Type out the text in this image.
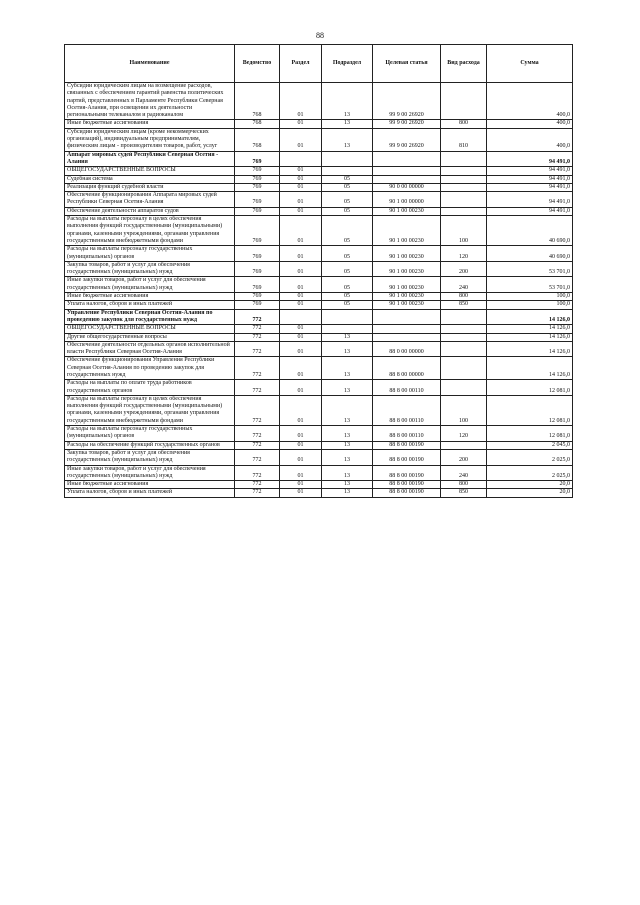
88
Наименование	Ведомство	Раздел	Подраздел	Целевая статья	Вид расхода	Сумма
Субсидии юридическим лицам на возмещение расходов, связанных с обеспечением гарантий равенства политических партий, представленных в Парламенте Республики Северная Осетия-Алания, при освещении их деятельности региональными телеканалом и радиоканалом	768	01	13	99 9 00 26920		400,0
Иные бюджетные ассигнования	768	01	13	99 9 00 26920	800	400,0
Субсидии юридическим лицам (кроме некоммерческих организаций), индивидуальным предпринимателям, физическим лицам - производителям товаров, работ, услуг	768	01	13	99 9 00 26920	810	400,0
Аппарат мировых судей Республики Северная Осетия - Алания	769					94 491,0
ОБЩЕГОСУДАРСТВЕННЫЕ ВОПРОСЫ	769	01				94 491,0
Судебная система	769	01	05			94 491,0
Реализация функций судебной власти	769	01	05	90 0 00 00000		94 491,0
Обеспечение функционирования Аппарата мировых судей Республики Северная Осетия-Алания	769	01	05	90 1 00 00000		94 491,0
Обеспечение деятельности аппаратов судов	769	01	05	90 1 00 00230		94 491,0
Расходы на выплаты персоналу в целях обеспечения выполнения функций государственными (муниципальными) органами, казенными учреждениями, органами управления государственными внебюджетными фондами	769	01	05	90 1 00 00230	100	40 690,0
Расходы на выплаты персоналу государственных (муниципальных) органов	769	01	05	90 1 00 00230	120	40 690,0
Закупка товаров, работ и услуг для обеспечения государственных (муниципальных) нужд	769	01	05	90 1 00 00230	200	53 701,0
Иные закупки товаров, работ и услуг для обеспечения государственных (муниципальных) нужд	769	01	05	90 1 00 00230	240	53 701,0
Иные бюджетные ассигнования	769	01	05	90 1 00 00230	800	100,0
Уплата налогов, сборов и иных платежей	769	01	05	90 1 00 00230	850	100,0
Управление Республики Северная Осетия-Алания по проведению закупок для государственных нужд	772					14 126,0
ОБЩЕГОСУДАРСТВЕННЫЕ ВОПРОСЫ	772	01				14 126,0
Другие общегосударственные вопросы	772	01	13			14 126,0
Обеспечение деятельности отдельных органов исполнительной власти Республики Северная Осетия-Алания	772	01	13	88 0 00 00000		14 126,0
Обеспечение функционирования Управления Республики Северная Осетия-Алания по проведению закупок для государственных нужд	772	01	13	88 8 00 00000		14 126,0
Расходы на выплаты по оплате труда работников государственных органов	772	01	13	88 8 00 00110		12 081,0
Расходы на выплаты персоналу в целях обеспечения выполнения функций государственными (муниципальными) органами, казенными учреждениями, органами управления государственными внебюджетными фондами	772	01	13	88 8 00 00110	100	12 081,0
Расходы на выплаты персоналу государственных (муниципальных) органов	772	01	13	88 8 00 00110	120	12 081,0
Расходы на обеспечение функций государственных органов	772	01	13	88 8 00 00190		2 045,0
Закупка товаров, работ и услуг для обеспечения государственных (муниципальных) нужд	772	01	13	88 8 00 00190	200	2 025,0
Иные закупки товаров, работ и услуг для обеспечения государственных (муниципальных) нужд	772	01	13	88 8 00 00190	240	2 025,0
Иные бюджетные ассигнования	772	01	13	88 8 00 00190	800	20,0
Уплата налогов, сборов и иных платежей	772	01	13	88 8 00 00190	850	20,0
